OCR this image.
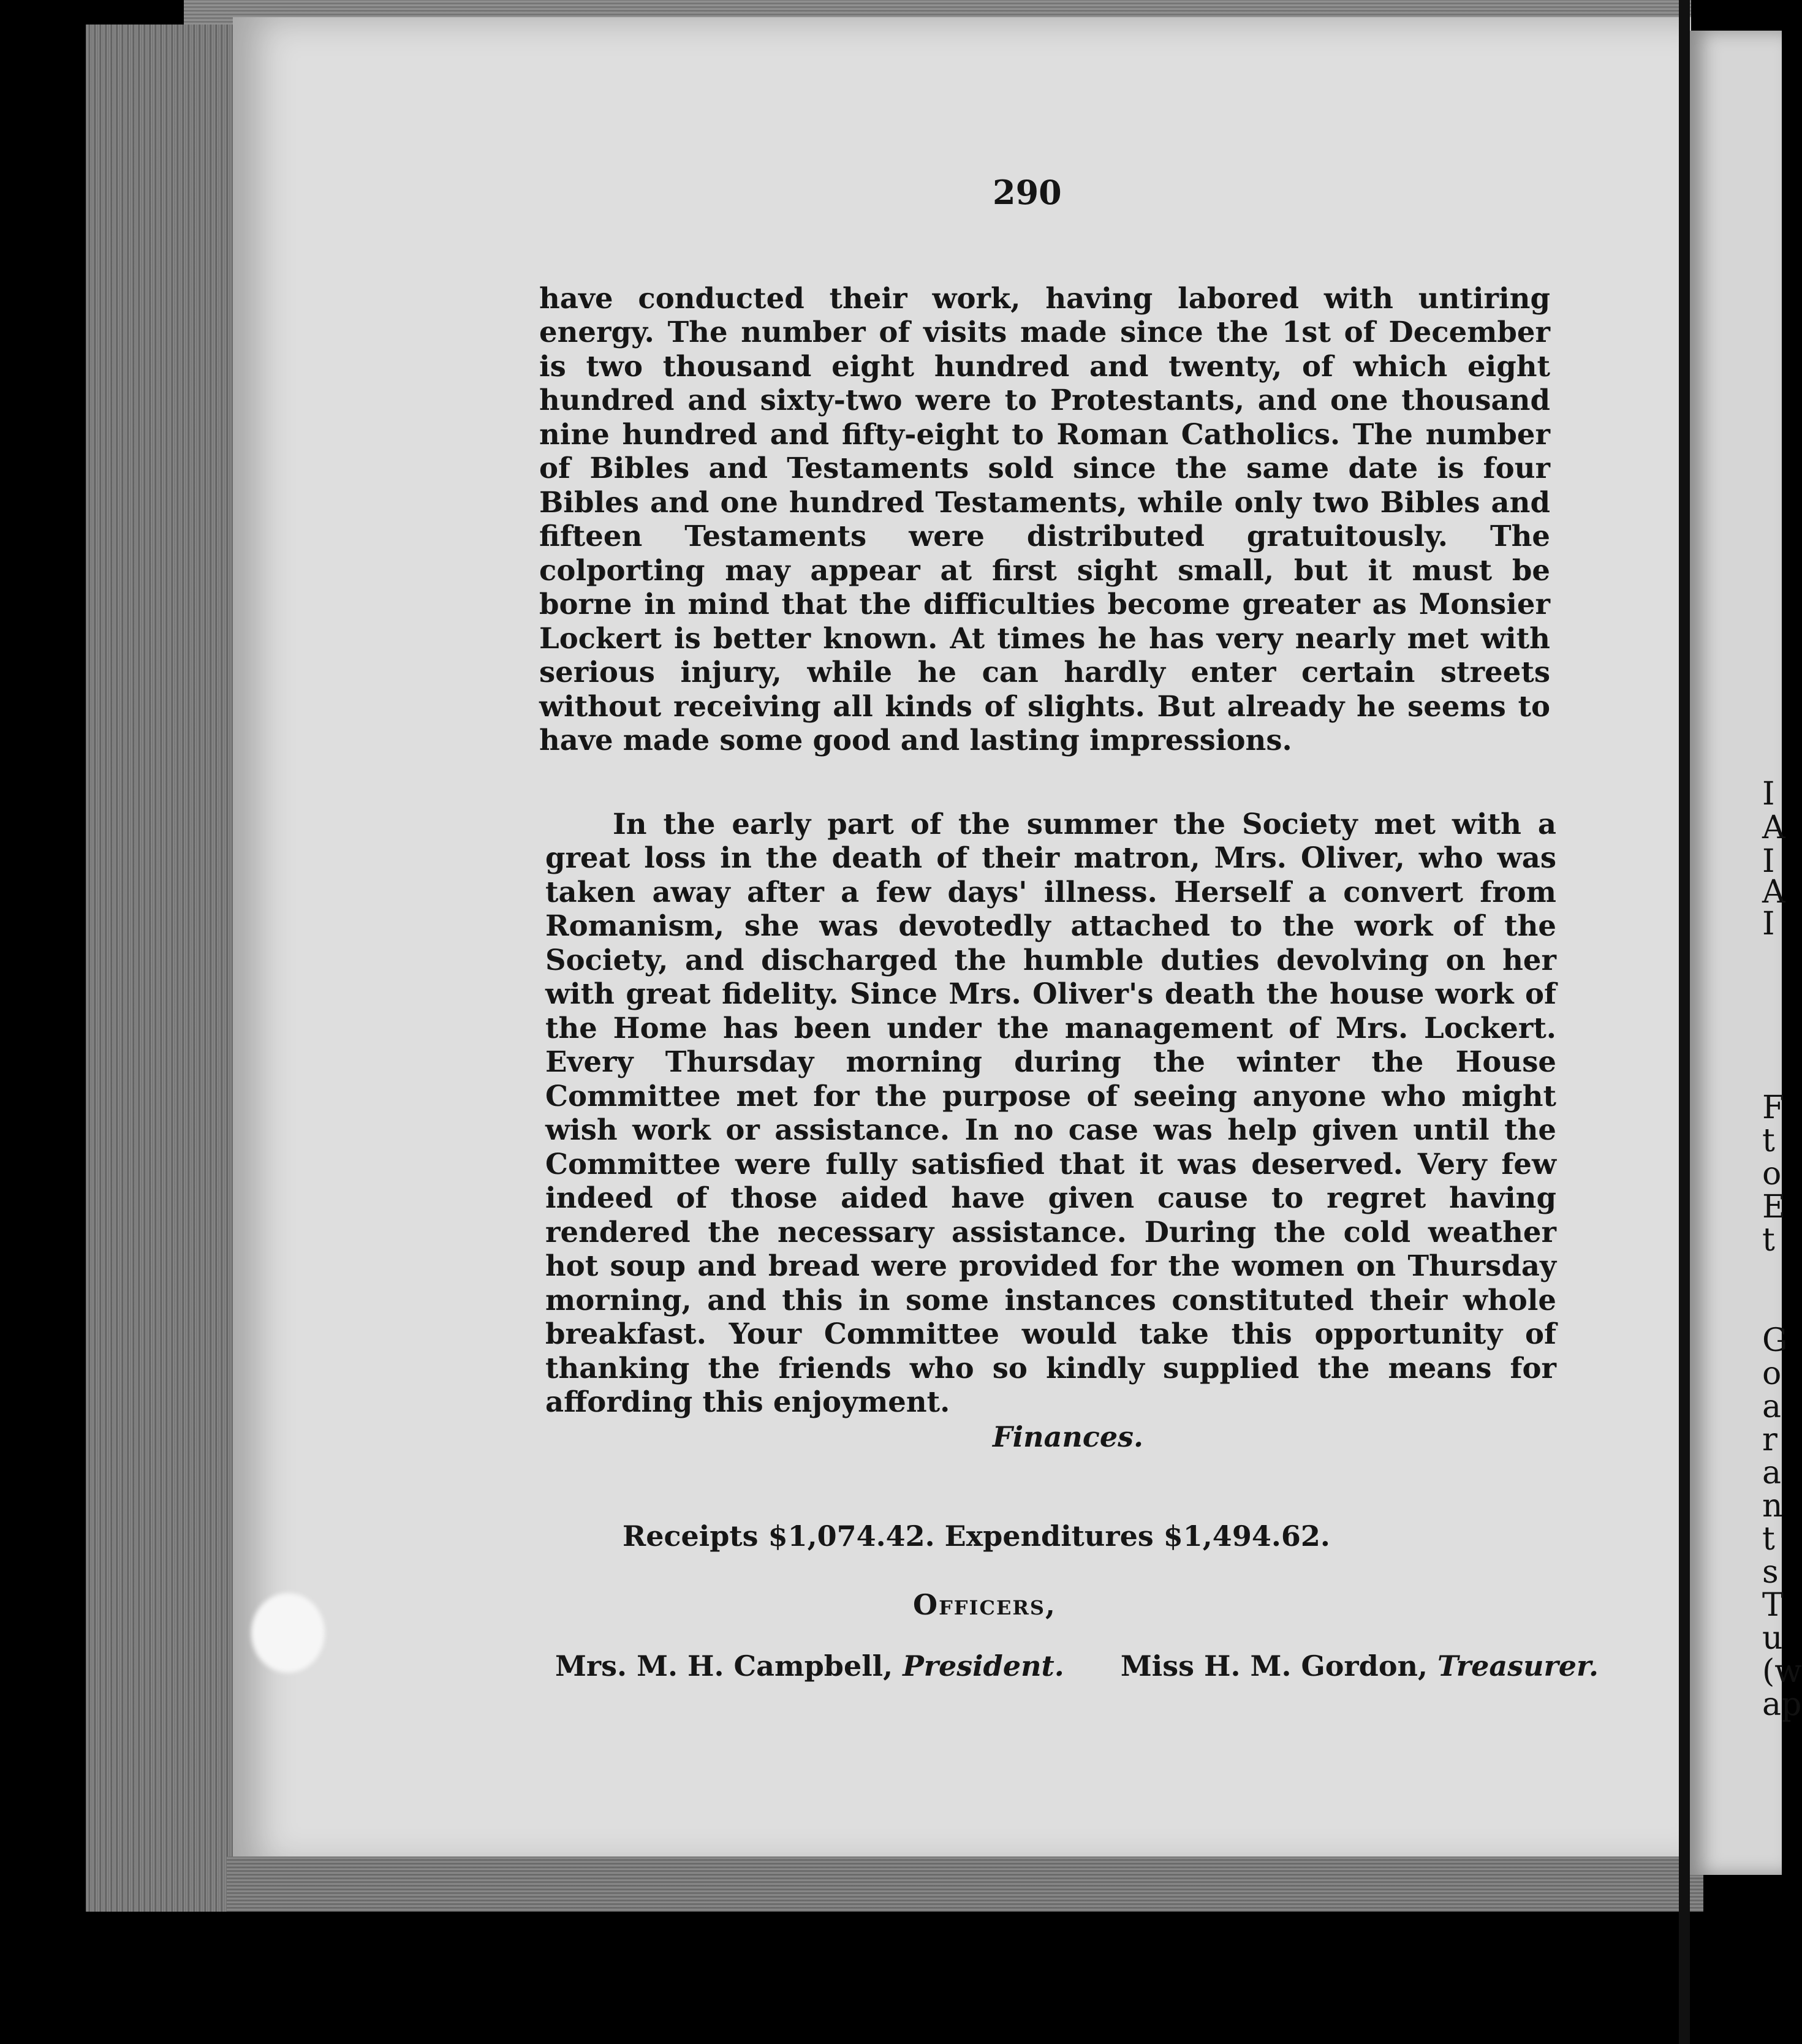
I
A
I
A
I
F
t
o
E
t
G
o
a
r
a
n
t
s
T
u
(w
ap
290

have conducted their work, having labored with untiring energy. The number of visits made since the 1st of December is two thousand eight hundred and twenty, of which eight hundred and sixty-two were to Protestants, and one thousand nine hundred and fifty-eight to Roman Catholics. The number of Bibles and Testaments sold since the same date is four Bibles and one hundred Testaments, while only two Bibles and fifteen Testaments were distributed gratuitously. The colporting may appear at first sight small, but it must be borne in mind that the difficulties become greater as Monsier Lockert is better known. At times he has very nearly met with serious injury, while he can hardly enter certain streets without receiving all kinds of slights. But already he seems to have made some good and lasting impressions.

In the early part of the summer the Society met with a great loss in the death of their matron, Mrs. Oliver, who was taken away after a few days' illness. Herself a convert from Romanism, she was devotedly attached to the work of the Society, and discharged the humble duties devolving on her with great fidelity. Since Mrs. Oliver's death the house work of the Home has been under the management of Mrs. Lockert. Every Thursday morning during the winter the House Committee met for the purpose of seeing anyone who might wish work or assistance. In no case was help given until the Committee were fully satisfied that it was deserved. Very few indeed of those aided have given cause to regret having rendered the necessary assistance. During the cold weather hot soup and bread were provided for the women on Thursday morning, and this in some instances constituted their whole breakfast. Your Committee would take this opportunity of thanking the friends who so kindly supplied the means for affording this enjoyment.

Finances.
Receipts $1,074.42. Expenditures $1,494.62.
Officers,
Mrs. M. H. Campbell, President. Miss H. M. Gordon, Treasurer.
